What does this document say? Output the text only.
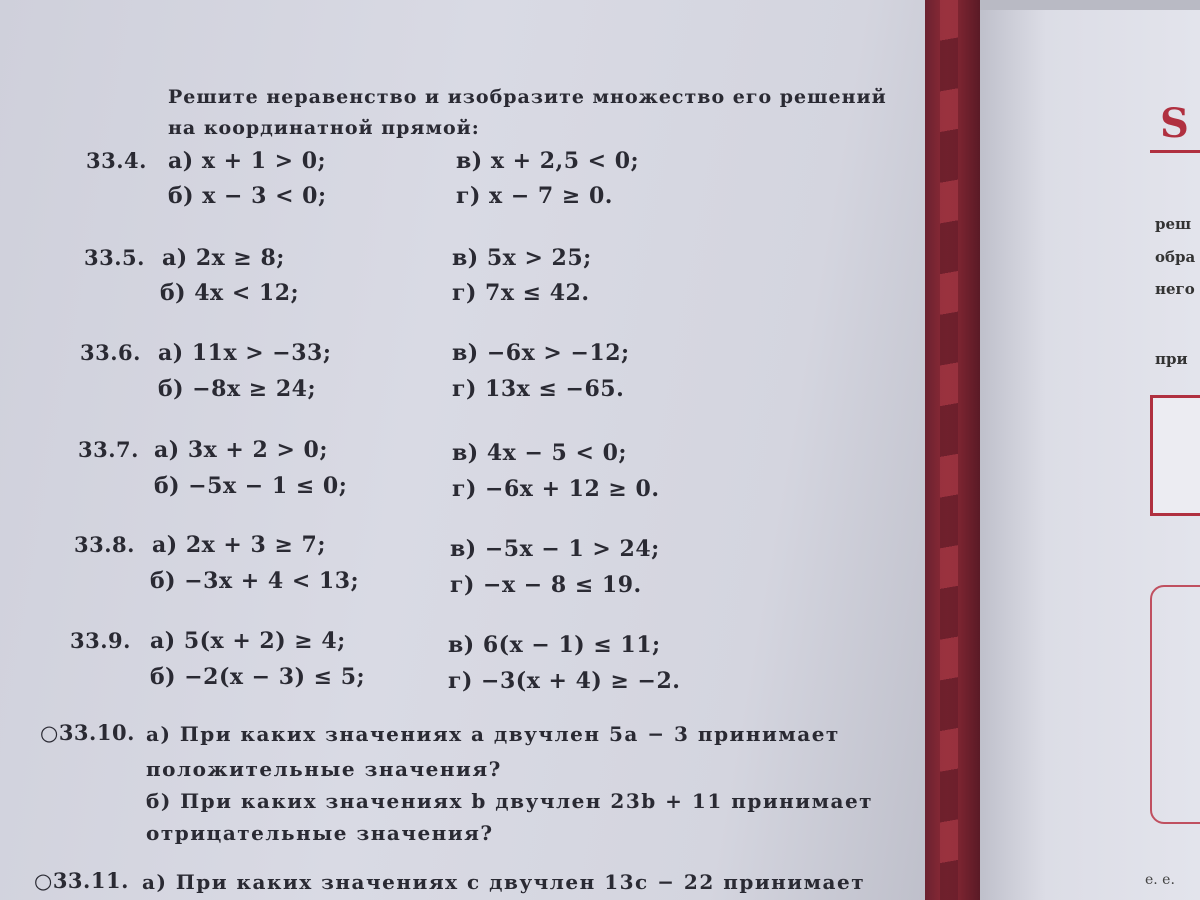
S
реш
обра
него
при
е. е.
Решите неравенство и изобразите множество его решений
на координатной прямой:
33.4. а) x + 1 > 0;
б) x − 3 < 0;
в) x + 2,5 < 0;
г) x − 7 ≥ 0.
33.5. а) 2x ≥ 8;
б) 4x < 12;
в) 5x > 25;
г) 7x ≤ 42.
33.6. а) 11x > −33;
б) −8x ≥ 24;
в) −6x > −12;
г) 13x ≤ −65.
33.7. а) 3x + 2 > 0;
б) −5x − 1 ≤ 0;
в) 4x − 5 < 0;
г) −6x + 12 ≥ 0.
33.8. а) 2x + 3 ≥ 7;
б) −3x + 4 < 13;
в) −5x − 1 > 24;
г) −x − 8 ≤ 19.
33.9. а) 5(x + 2) ≥ 4;
б) −2(x − 3) ≤ 5;
в) 6(x − 1) ≤ 11;
г) −3(x + 4) ≥ −2.
○33.10. а) При каких значениях a двучлен 5a − 3 принимает
положительные значения?
б) При каких значениях b двучлен 23b + 11 принимает
отрицательные значения?
○33.11. а) При каких значениях c двучлен 13c − 22 принимает
